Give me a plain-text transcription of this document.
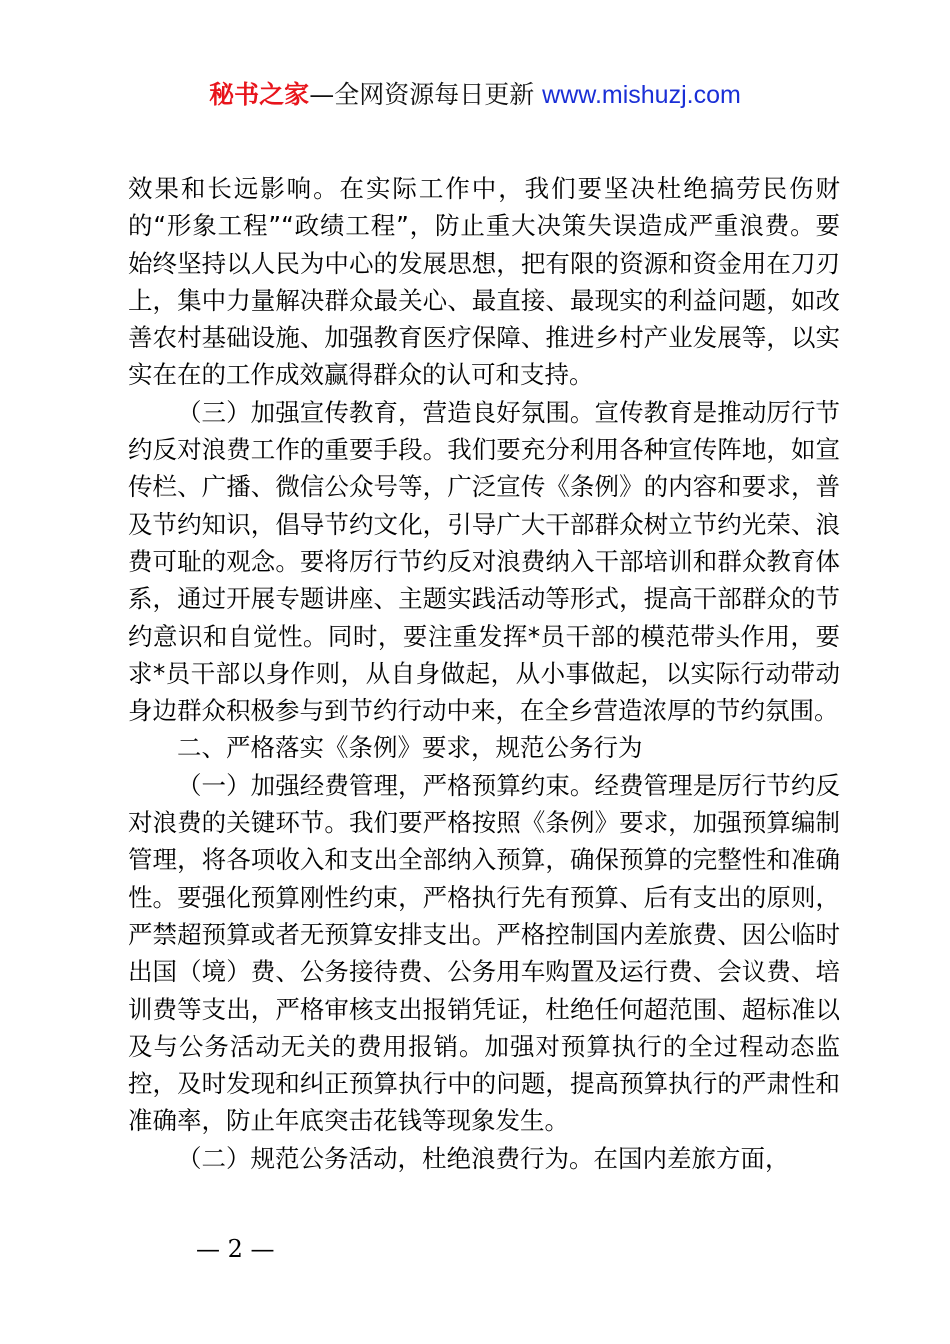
秘书之家—全网资源每日更新 www.mishuzj.com

效果和长远影响。在实际工作中，我们要坚决杜绝搞劳民伤财的“形象工程”“政绩工程”，防止重大决策失误造成严重浪费。要始终坚持以人民为中心的发展思想，把有限的资源和资金用在刀刃上，集中力量解决群众最关心、最直接、最现实的利益问题，如改善农村基础设施、加强教育医疗保障、推进乡村产业发展等，以实实在在的工作成效赢得群众的认可和支持。

（三）加强宣传教育，营造良好氛围。宣传教育是推动厉行节约反对浪费工作的重要手段。我们要充分利用各种宣传阵地，如宣传栏、广播、微信公众号等，广泛宣传《条例》的内容和要求，普及节约知识，倡导节约文化，引导广大干部群众树立节约光荣、浪费可耻的观念。要将厉行节约反对浪费纳入干部培训和群众教育体系，通过开展专题讲座、主题实践活动等形式，提高干部群众的节约意识和自觉性。同时，要注重发挥*员干部的模范带头作用，要求*员干部以身作则，从自身做起，从小事做起，以实际行动带动身边群众积极参与到节约行动中来，在全乡营造浓厚的节约氛围。

二、严格落实《条例》要求，规范公务行为

（一）加强经费管理，严格预算约束。经费管理是厉行节约反对浪费的关键环节。我们要严格按照《条例》要求，加强预算编制管理，将各项收入和支出全部纳入预算，确保预算的完整性和准确性。要强化预算刚性约束，严格执行先有预算、后有支出的原则，严禁超预算或者无预算安排支出。严格控制国内差旅费、因公临时出国（境）费、公务接待费、公务用车购置及运行费、会议费、培训费等支出，严格审核支出报销凭证，杜绝任何超范围、超标准以及与公务活动无关的费用报销。加强对预算执行的全过程动态监控，及时发现和纠正预算执行中的问题，提高预算执行的严肃性和准确率，防止年底突击花钱等现象发生。

（二）规范公务活动，杜绝浪费行为。在国内差旅方面，

— 2 —
